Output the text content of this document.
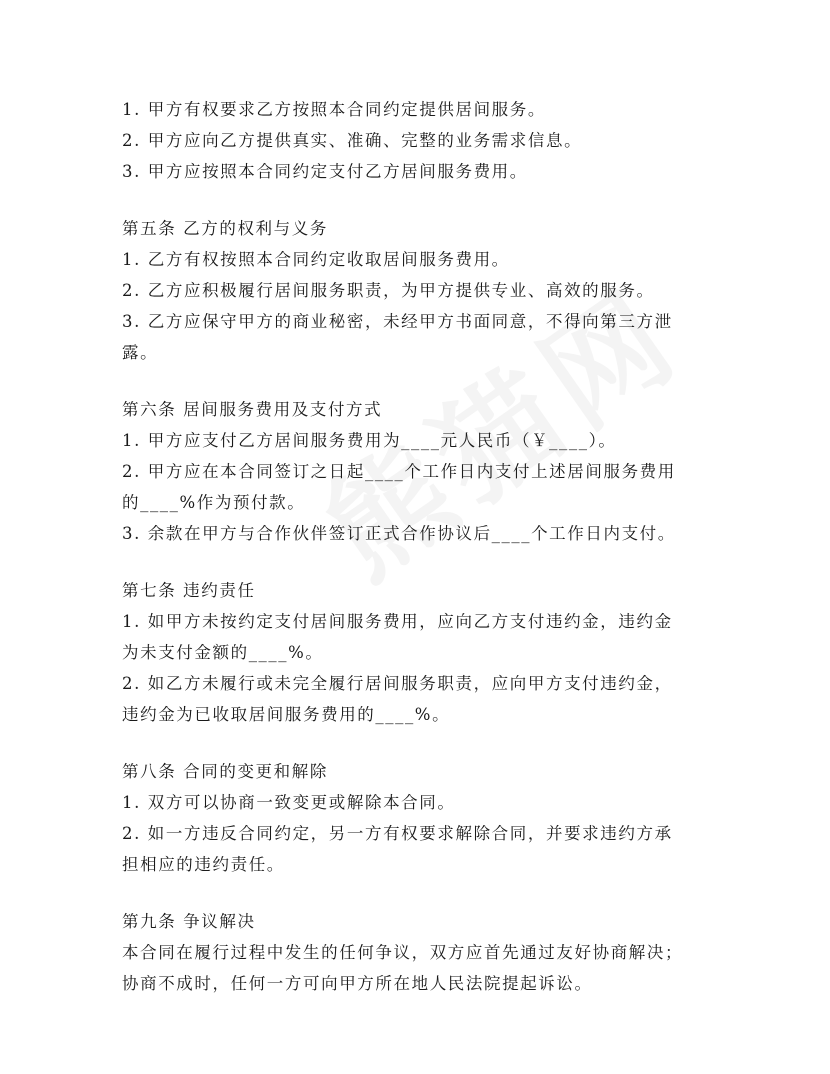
1. 甲方有权要求乙方按照本合同约定提供居间服务。
2. 甲方应向乙方提供真实、准确、完整的业务需求信息。
3. 甲方应按照本合同约定支付乙方居间服务费用。
第五条 乙方的权利与义务
1. 乙方有权按照本合同约定收取居间服务费用。
2. 乙方应积极履行居间服务职责，为甲方提供专业、高效的服务。
3. 乙方应保守甲方的商业秘密，未经甲方书面同意，不得向第三方泄
露。
第六条 居间服务费用及支付方式
1. 甲方应支付乙方居间服务费用为____元人民币（￥____）。
2. 甲方应在本合同签订之日起____个工作日内支付上述居间服务费用
的____%作为预付款。
3. 余款在甲方与合作伙伴签订正式合作协议后____个工作日内支付。
第七条 违约责任
1. 如甲方未按约定支付居间服务费用，应向乙方支付违约金，违约金
为未支付金额的____%。
2. 如乙方未履行或未完全履行居间服务职责，应向甲方支付违约金，
违约金为已收取居间服务费用的____%。
第八条 合同的变更和解除
1. 双方可以协商一致变更或解除本合同。
2. 如一方违反合同约定，另一方有权要求解除合同，并要求违约方承
担相应的违约责任。
第九条 争议解决
本合同在履行过程中发生的任何争议，双方应首先通过友好协商解决；
协商不成时，任何一方可向甲方所在地人民法院提起诉讼。
